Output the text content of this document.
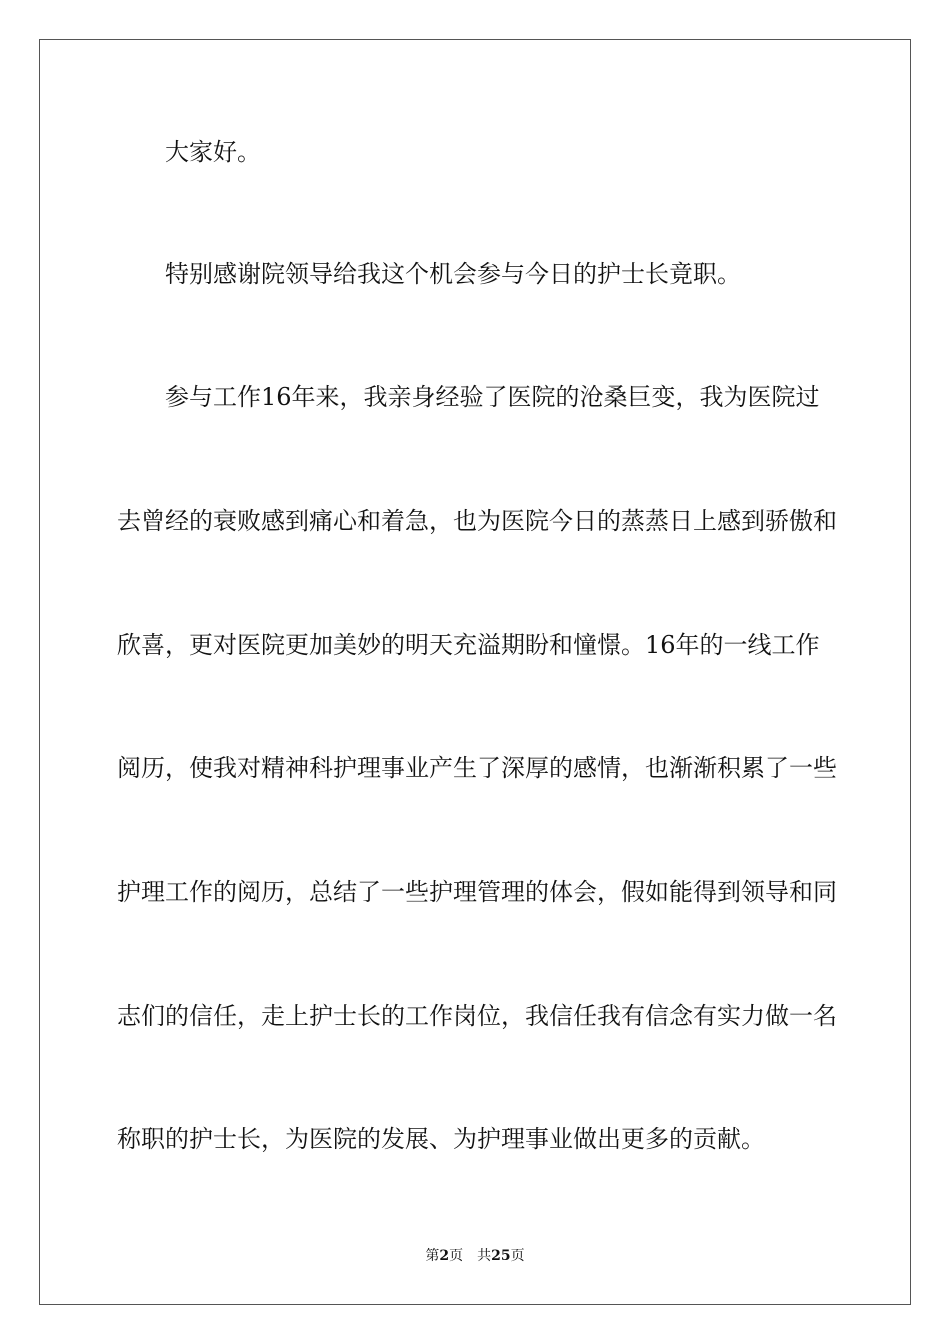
大家好。

特别感谢院领导给我这个机会参与今日的护士长竟职。

参与工作16年来，我亲身经验了医院的沧桑巨变，我为医院过

去曾经的衰败感到痛心和着急，也为医院今日的蒸蒸日上感到骄傲和

欣喜，更对医院更加美妙的明天充溢期盼和憧憬。16年的一线工作

阅历，使我对精神科护理事业产生了深厚的感情，也渐渐积累了一些

护理工作的阅历，总结了一些护理管理的体会，假如能得到领导和同

志们的信任，走上护士长的工作岗位，我信任我有信念有实力做一名

称职的护士长，为医院的发展、为护理事业做出更多的贡献。

第2页 共25页
